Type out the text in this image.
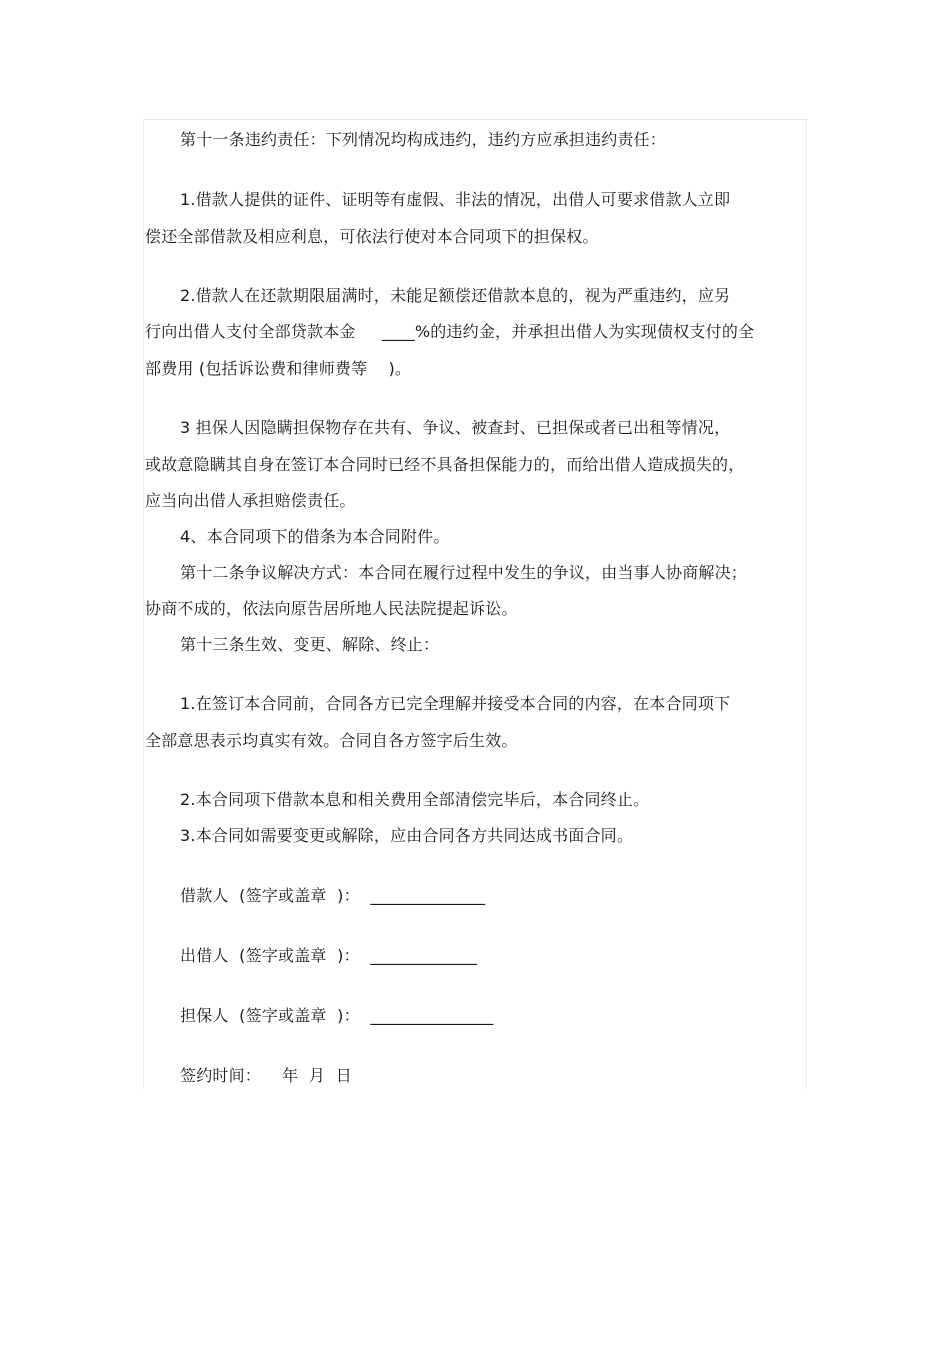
第十一条违约责任：下列情况均构成违约，违约方应承担违约责任：
1.借款人提供的证件、证明等有虚假、非法的情况，出借人可要求借款人立即
偿还全部借款及相应利息，可依法行使对本合同项下的担保权。
2.借款人在还款期限届满时，未能足额偿还借款本息的，视为严重违约，应另
行向出借人支付全部贷款本金     ____%的违约金，并承担出借人为实现债权支付的全
部费用 (包括诉讼费和律师费等    )。
3 担保人因隐瞒担保物存在共有、争议、被查封、已担保或者已出租等情况，
或故意隐瞒其自身在签订本合同时已经不具备担保能力的，而给出借人造成损失的，
应当向出借人承担赔偿责任。
4、本合同项下的借条为本合同附件。
第十二条争议解决方式：本合同在履行过程中发生的争议，由当事人协商解决；
协商不成的，依法向原告居所地人民法院提起诉讼。
第十三条生效、变更、解除、终止：
1.在签订本合同前，合同各方已完全理解并接受本合同的内容，在本合同项下
全部意思表示均真实有效。合同自各方签字后生效。
2.本合同项下借款本息和相关费用全部清偿完毕后，本合同终止。
3.本合同如需要变更或解除，应由合同各方共同达成书面合同。
借款人  (签字或盖章  )：  ______________
出借人  (签字或盖章  )：  _____________
担保人  (签字或盖章  )：  _______________
签约时间：    年  月  日
